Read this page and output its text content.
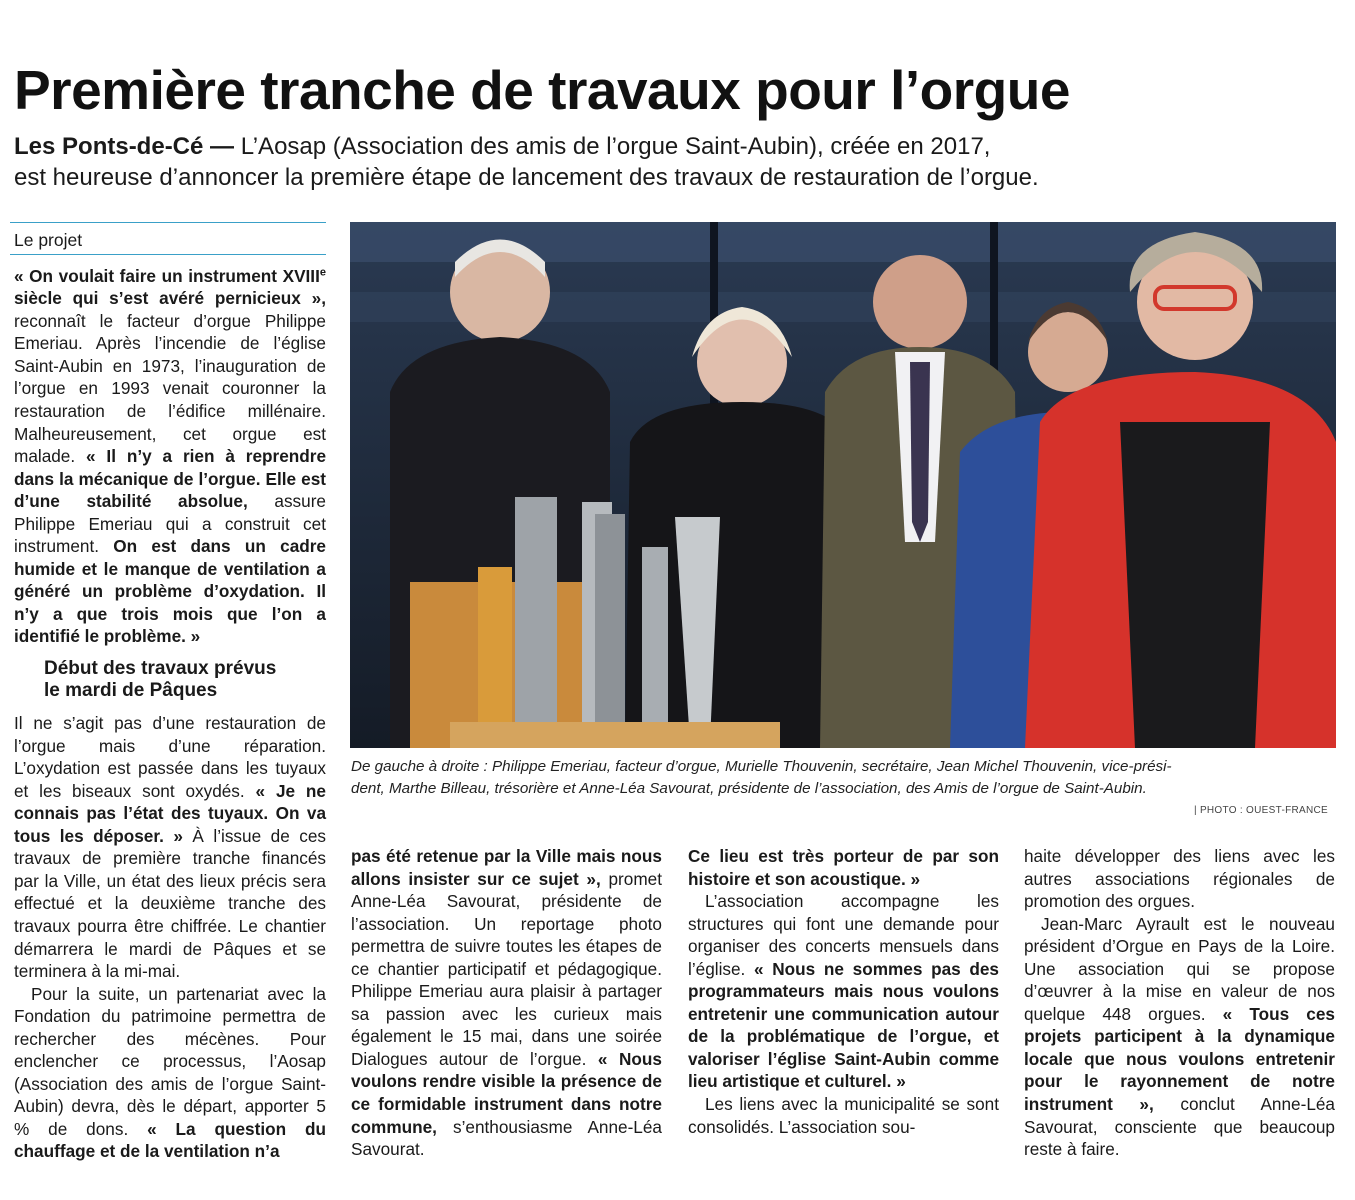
Première tranche de travaux pour l’orgue
Les Ponts-de-Cé — L’Aosap (Association des amis de l’orgue Saint-Aubin), créée en 2017,
est heureuse d’annoncer la première étape de lancement des travaux de restauration de l’orgue.
Le projet

« On voulait faire un instrument XVIIIe siècle qui s’est avéré pernicieux », reconnaît le facteur d’orgue Philippe Emeriau. Après l’incendie de l’église Saint-Aubin en 1973, l’inauguration de l’orgue en 1993 venait couronner la restauration de l’édifice millénaire. Malheureusement, cet orgue est malade. « Il n’y a rien à reprendre dans la mécanique de l’orgue. Elle est d’une stabilité absolue, assure Philippe Emeriau qui a construit cet instrument. On est dans un cadre humide et le manque de ventilation a généré un problème d’oxydation. Il n’y a que trois mois que l’on a identifié le problème. »

Début des travaux prévus
le mardi de Pâques

Il ne s’agit pas d’une restauration de l’orgue mais d’une réparation. L’oxydation est passée dans les tuyaux et les biseaux sont oxydés. « Je ne connais pas l’état des tuyaux. On va tous les déposer. » À l’issue de ces travaux de première tranche financés par la Ville, un état des lieux précis sera effectué et la deuxième tranche des travaux pourra être chiffrée. Le chantier démarrera le mardi de Pâques et se terminera à la mi-mai.

Pour la suite, un partenariat avec la Fondation du patrimoine permettra de rechercher des mécènes. Pour enclencher ce processus, l’Aosap (Association des amis de l’orgue Saint-Aubin) devra, dès le départ, apporter 5 % de dons. « La question du chauffage et de la ventilation n’a

De gauche à droite : Philippe Emeriau, facteur d’orgue, Murielle Thouvenin, secrétaire, Jean Michel Thouvenin, vice-prési-
dent, Marthe Billeau, trésorière et Anne-Léa Savourat, présidente de l’association, des Amis de l’orgue de Saint-Aubin.
| PHOTO : OUEST-FRANCE

pas été retenue par la Ville mais nous allons insister sur ce sujet », promet Anne-Léa Savourat, présidente de l’association. Un reportage photo permettra de suivre toutes les étapes de ce chantier participatif et pédagogique. Philippe Emeriau aura plaisir à partager sa passion avec les curieux mais également le 15 mai, dans une soirée Dialogues autour de l’orgue. « Nous voulons rendre visible la présence de ce formidable instrument dans notre commune, s’enthousiasme Anne-Léa Savourat.

Ce lieu est très porteur de par son histoire et son acoustique. »

L’association accompagne les structures qui font une demande pour organiser des concerts mensuels dans l’église. « Nous ne sommes pas des programmateurs mais nous voulons entretenir une communication autour de la problématique de l’orgue, et valoriser l’église Saint-Aubin comme lieu artistique et culturel. »

Les liens avec la municipalité se sont consolidés. L’association sou-

haite développer des liens avec les autres associations régionales de promotion des orgues.

Jean-Marc Ayrault est le nouveau président d’Orgue en Pays de la Loire. Une association qui se propose d’œuvrer à la mise en valeur de nos quelque 448 orgues. « Tous ces projets participent à la dynamique locale que nous voulons entretenir pour le rayonnement de notre instrument », conclut Anne-Léa Savourat, consciente que beaucoup reste à faire.
